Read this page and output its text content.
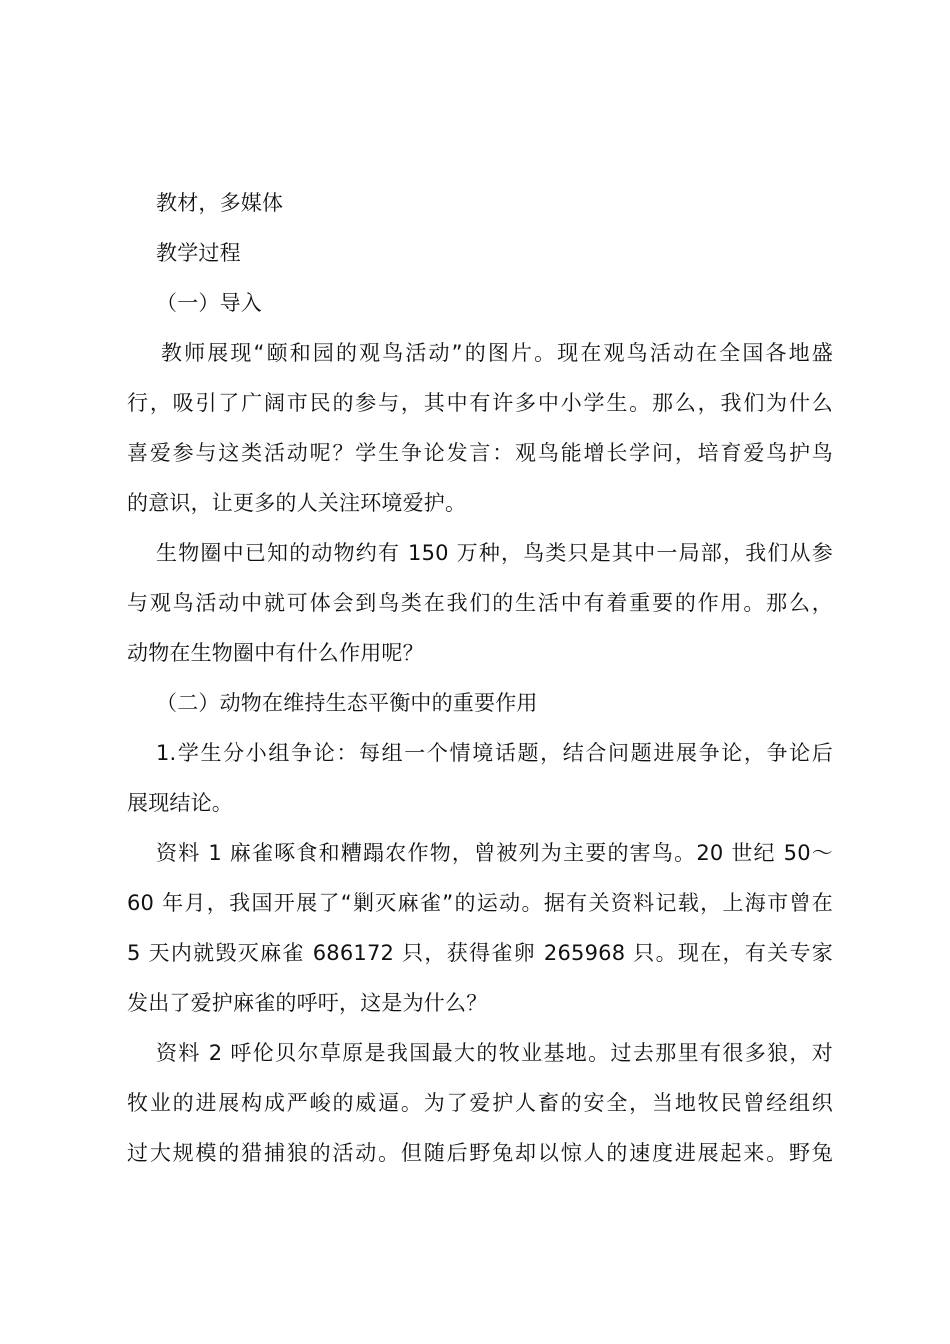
教材，多媒体
教学过程
（一）导入
教师展现“颐和园的观鸟活动”的图片。现在观鸟活动在全国各地盛
行，吸引了广阔市民的参与，其中有许多中小学生。那么，我们为什么
喜爱参与这类活动呢？学生争论发言：观鸟能增长学问，培育爱鸟护鸟
的意识，让更多的人关注环境爱护。
生物圈中已知的动物约有 150 万种，鸟类只是其中一局部，我们从参
与观鸟活动中就可体会到鸟类在我们的生活中有着重要的作用。那么，
动物在生物圈中有什么作用呢？
（二）动物在维持生态平衡中的重要作用
1.学生分小组争论：每组一个情境话题，结合问题进展争论，争论后
展现结论。
资料 1 麻雀啄食和糟蹋农作物，曾被列为主要的害鸟。20 世纪 50～
60 年月，我国开展了“剿灭麻雀”的运动。据有关资料记载，上海市曾在
5 天内就毁灭麻雀 686172 只，获得雀卵 265968 只。现在，有关专家
发出了爱护麻雀的呼吁，这是为什么？
资料 2 呼伦贝尔草原是我国最大的牧业基地。过去那里有很多狼，对
牧业的进展构成严峻的威逼。为了爱护人畜的安全，当地牧民曾经组织
过大规模的猎捕狼的活动。但随后野兔却以惊人的速度进展起来。野兔
